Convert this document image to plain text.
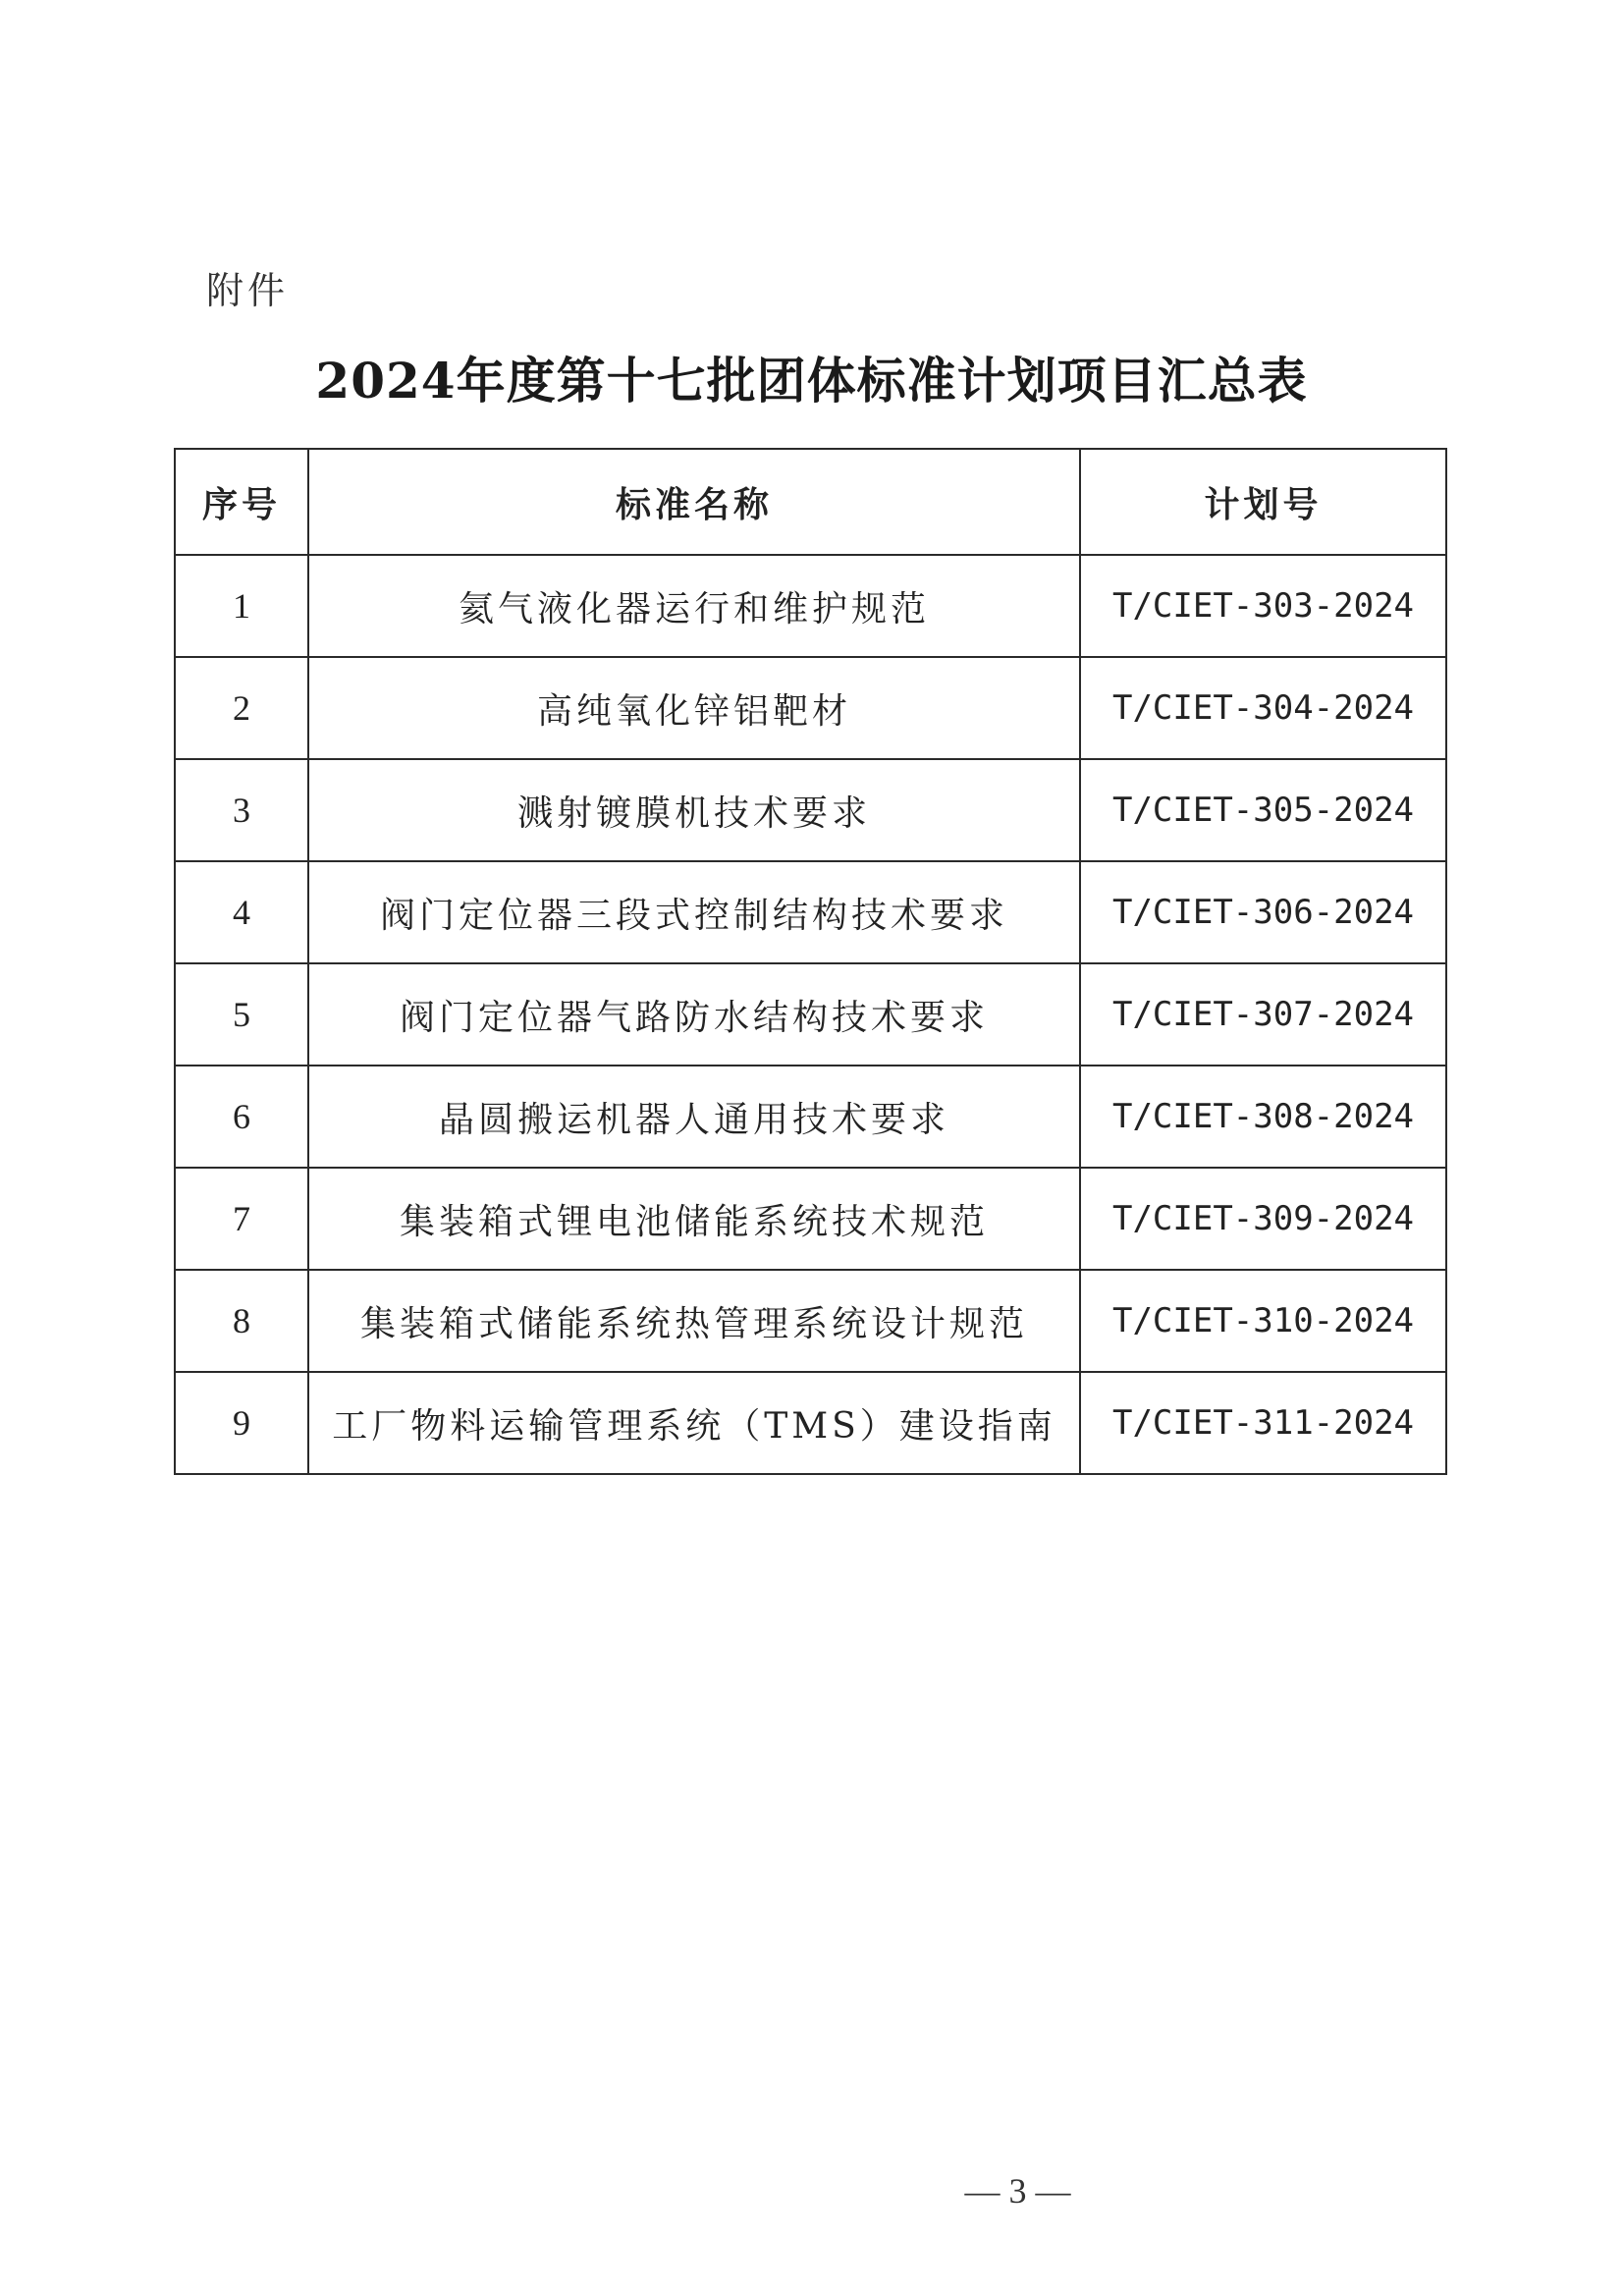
附件
2024年度第十七批团体标准计划项目汇总表
序号	标准名称	计划号
1	氦气液化器运行和维护规范	T/CIET-303-2024
2	高纯氧化锌铝靶材	T/CIET-304-2024
3	溅射镀膜机技术要求	T/CIET-305-2024
4	阀门定位器三段式控制结构技术要求	T/CIET-306-2024
5	阀门定位器气路防水结构技术要求	T/CIET-307-2024
6	晶圆搬运机器人通用技术要求	T/CIET-308-2024
7	集装箱式锂电池储能系统技术规范	T/CIET-309-2024
8	集装箱式储能系统热管理系统设计规范	T/CIET-310-2024
9	工厂物料运输管理系统（TMS）建设指南	T/CIET-311-2024
— 3 —
